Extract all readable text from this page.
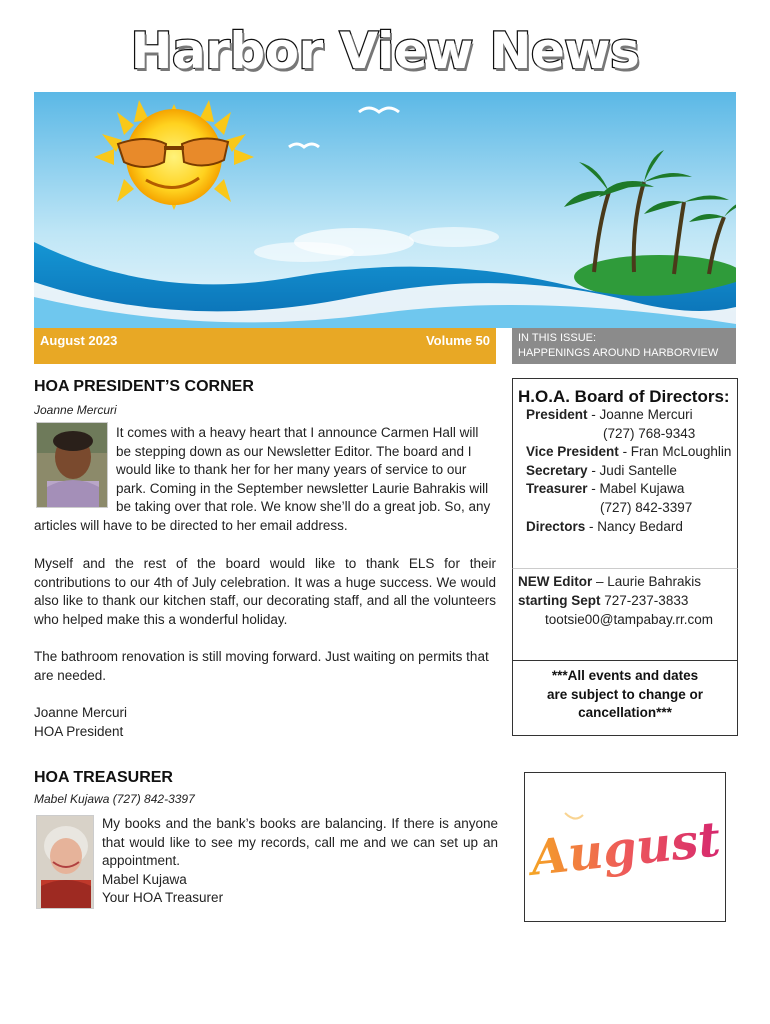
Harbor View News
August 2023	Volume 50	IN THIS ISSUE:
HAPPENINGS AROUND HARBORVIEW
HOA PRESIDENT’S CORNER
Joanne Mercuri
It comes with a heavy heart that I announce Carmen Hall will
be stepping down as our Newsletter Editor. The board and I
would like to thank her for her many years of service to our
park. Coming in the September newsletter Laurie Bahrakis will
be taking over that role. We know she’ll do a great job. So, any
articles will have to be directed to her email address.
Myself and the rest of the board would like to thank ELS for their contributions to our 4th of July celebration. It was a huge success. We would also like to thank our kitchen staff, our decorating staff, and all the volunteers who helped make this a wonderful holiday.
The bathroom renovation is still moving forward. Just waiting on permits that are needed.
Joanne Mercuri
HOA President
HOA TREASURER
Mabel Kujawa (727) 842-3397
My books and the bank’s books are balancing. If there is anyone
that would like to see my records, call me and we can set up an
appointment.
Mabel Kujawa
Your HOA Treasurer
H.O.A. Board of Directors:
President - Joanne Mercuri
(727) 768-9343
Vice President - Fran McLoughlin
Secretary - Judi Santelle
Treasurer - Mabel Kujawa
(727) 842-3397
Directors - Nancy Bedard
NEW Editor – Laurie Bahrakis
starting Sept 727-237-3833
tootsie00@tampabay.rr.com
***All events and dates
are subject to change or
cancellation***
August
